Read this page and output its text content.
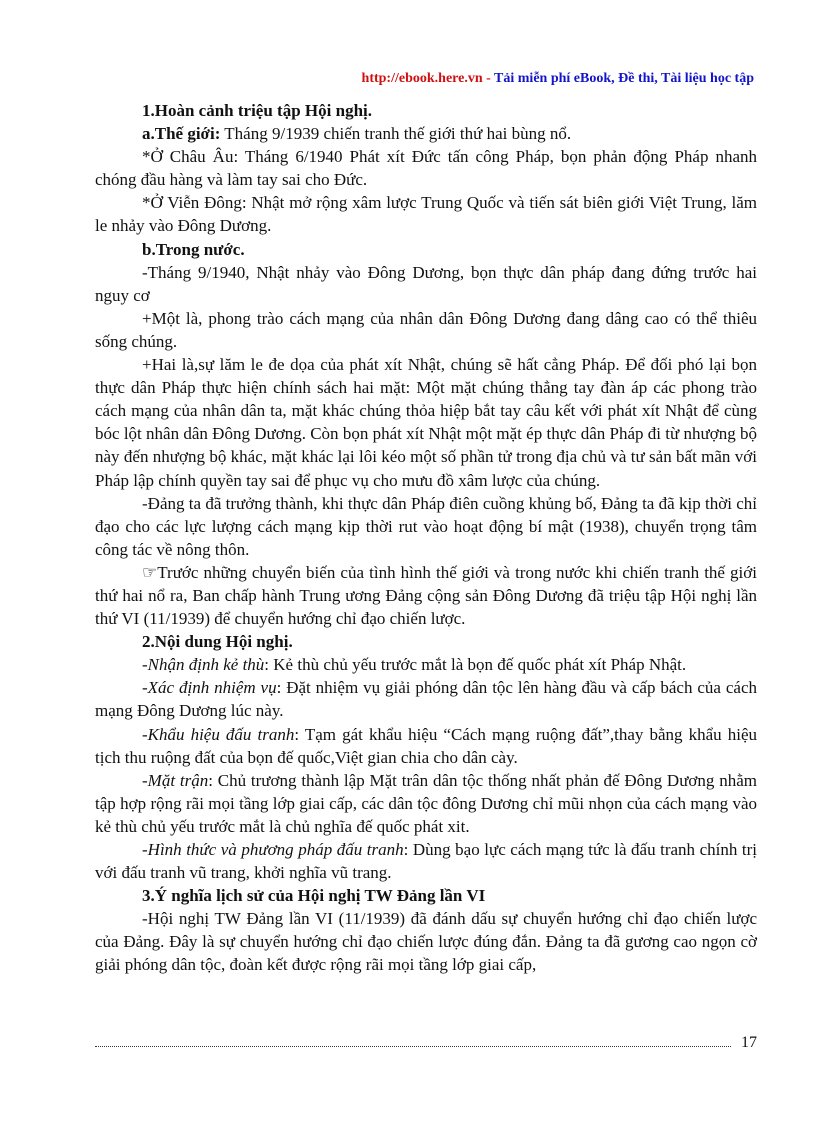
http://ebook.here.vn - Tải miễn phí eBook, Đề thi, Tài liệu học tập

1.Hoàn cảnh triệu tập Hội nghị.

a.Thế giới: Tháng 9/1939 chiến tranh thế giới thứ hai bùng nổ.

*Ở Châu Âu: Tháng 6/1940 Phát xít Đức tấn công Pháp, bọn phản động Pháp nhanh chóng đầu hàng và làm tay sai cho Đức.

*Ở Viễn Đông: Nhật mở rộng xâm lược Trung Quốc và tiến sát biên giới Việt Trung, lăm le nhảy vào Đông Dương.

b.Trong nước.

-Tháng 9/1940, Nhật nhảy vào Đông Dương, bọn thực dân pháp đang đứng trước hai nguy cơ

+Một là, phong trào cách mạng của nhân dân Đông Dương đang dâng cao có thể thiêu sống chúng.

+Hai là,sự lăm le đe dọa của phát xít Nhật, chúng sẽ hất cẳng Pháp. Để đối phó lại bọn thực dân Pháp thực hiện chính sách hai mặt: Một mặt chúng thẳng tay đàn áp các phong trào cách mạng của nhân dân ta, mặt khác chúng thỏa hiệp bắt tay câu kết với phát xít Nhật để cùng bóc lột nhân dân Đông Dương. Còn bọn phát xít Nhật một mặt ép thực dân Pháp đi từ nhượng bộ này đến nhượng bộ khác, mặt khác lại lôi kéo một số phần tử trong địa chủ và tư sản bất mãn với Pháp lập chính quyền tay sai để phục vụ cho mưu đồ xâm lược của chúng.

-Đảng ta đã trưởng thành, khi thực dân Pháp điên cuồng khủng bố, Đảng ta đã kịp thời chỉ đạo cho các lực lượng cách mạng kịp thời rut vào hoạt động bí mật (1938), chuyển trọng tâm công tác về nông thôn.

☞Trước những chuyển biến của tình hình thế giới và trong nước khi chiến tranh thế giới thứ hai nổ ra, Ban chấp hành Trung ương Đảng cộng sản Đông Dương đã triệu tập Hội nghị lần thứ VI (11/1939) để chuyển hướng chỉ đạo chiến lược.

2.Nội dung Hội nghị.

-Nhận định kẻ thù: Kẻ thù chủ yếu trước mắt là bọn đế quốc phát xít Pháp Nhật.

-Xác định nhiệm vụ: Đặt nhiệm vụ giải phóng dân tộc lên hàng đầu và cấp bách của cách mạng Đông Dương lúc này.

-Khẩu hiệu đấu tranh: Tạm gát khẩu hiệu “Cách mạng ruộng đất”,thay bằng khẩu hiệu tịch thu ruộng đất của bọn đế quốc,Việt gian chia cho dân cày.

-Mặt trận: Chủ trương thành lập Mặt trân dân tộc thống nhất phản đế Đông Dương nhằm tập hợp rộng rãi mọi tầng lớp giai cấp, các dân tộc đông Dương chỉ mũi nhọn của cách mạng vào kẻ thù chủ yếu trước mắt là chủ nghĩa đế quốc phát xit.

-Hình thức và phương pháp đấu tranh: Dùng bạo lực cách mạng tức là đấu tranh chính trị với đấu tranh vũ trang, khởi nghĩa vũ trang.

3.Ý nghĩa lịch sử của Hội nghị TW Đảng lần VI

-Hội nghị TW Đảng lần VI (11/1939) đã đánh dấu sự chuyển hướng chỉ đạo chiến lược của Đảng. Đây là sự chuyển hướng chỉ đạo chiến lược đúng đắn. Đảng ta đã gương cao ngọn cờ giải phóng dân tộc, đoàn kết được rộng rãi mọi tầng lớp giai cấp,

17
